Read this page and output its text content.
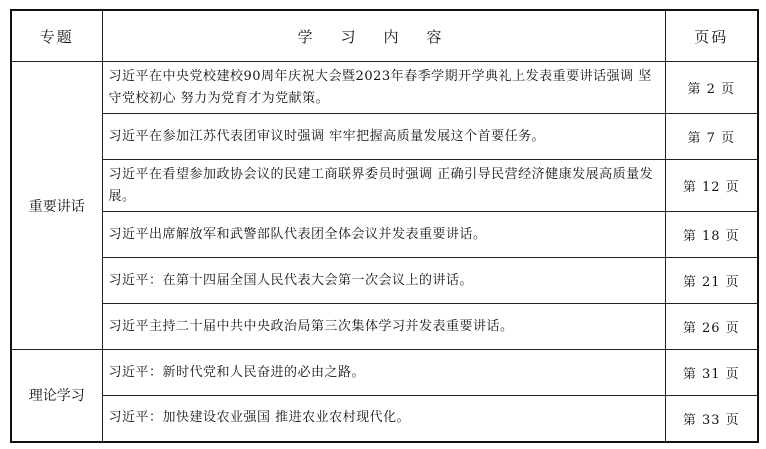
专题	学习内容	页码
重要讲话	习近平在中央党校建校90周年庆祝大会暨2023年春季学期开学典礼上发表重要讲话强调 坚守党校初心 努力为党育才为党献策。	第 2 页
	习近平在参加江苏代表团审议时强调 牢牢把握高质量发展这个首要任务。	第 7 页
	习近平在看望参加政协会议的民建工商联界委员时强调 正确引导民营经济健康发展高质量发展。	第 12 页
	习近平出席解放军和武警部队代表团全体会议并发表重要讲话。	第 18 页
	习近平：在第十四届全国人民代表大会第一次会议上的讲话。	第 21 页
	习近平主持二十届中共中央政治局第三次集体学习并发表重要讲话。	第 26 页
理论学习	习近平：新时代党和人民奋进的必由之路。	第 31 页
	习近平：加快建设农业强国 推进农业农村现代化。	第 33 页
